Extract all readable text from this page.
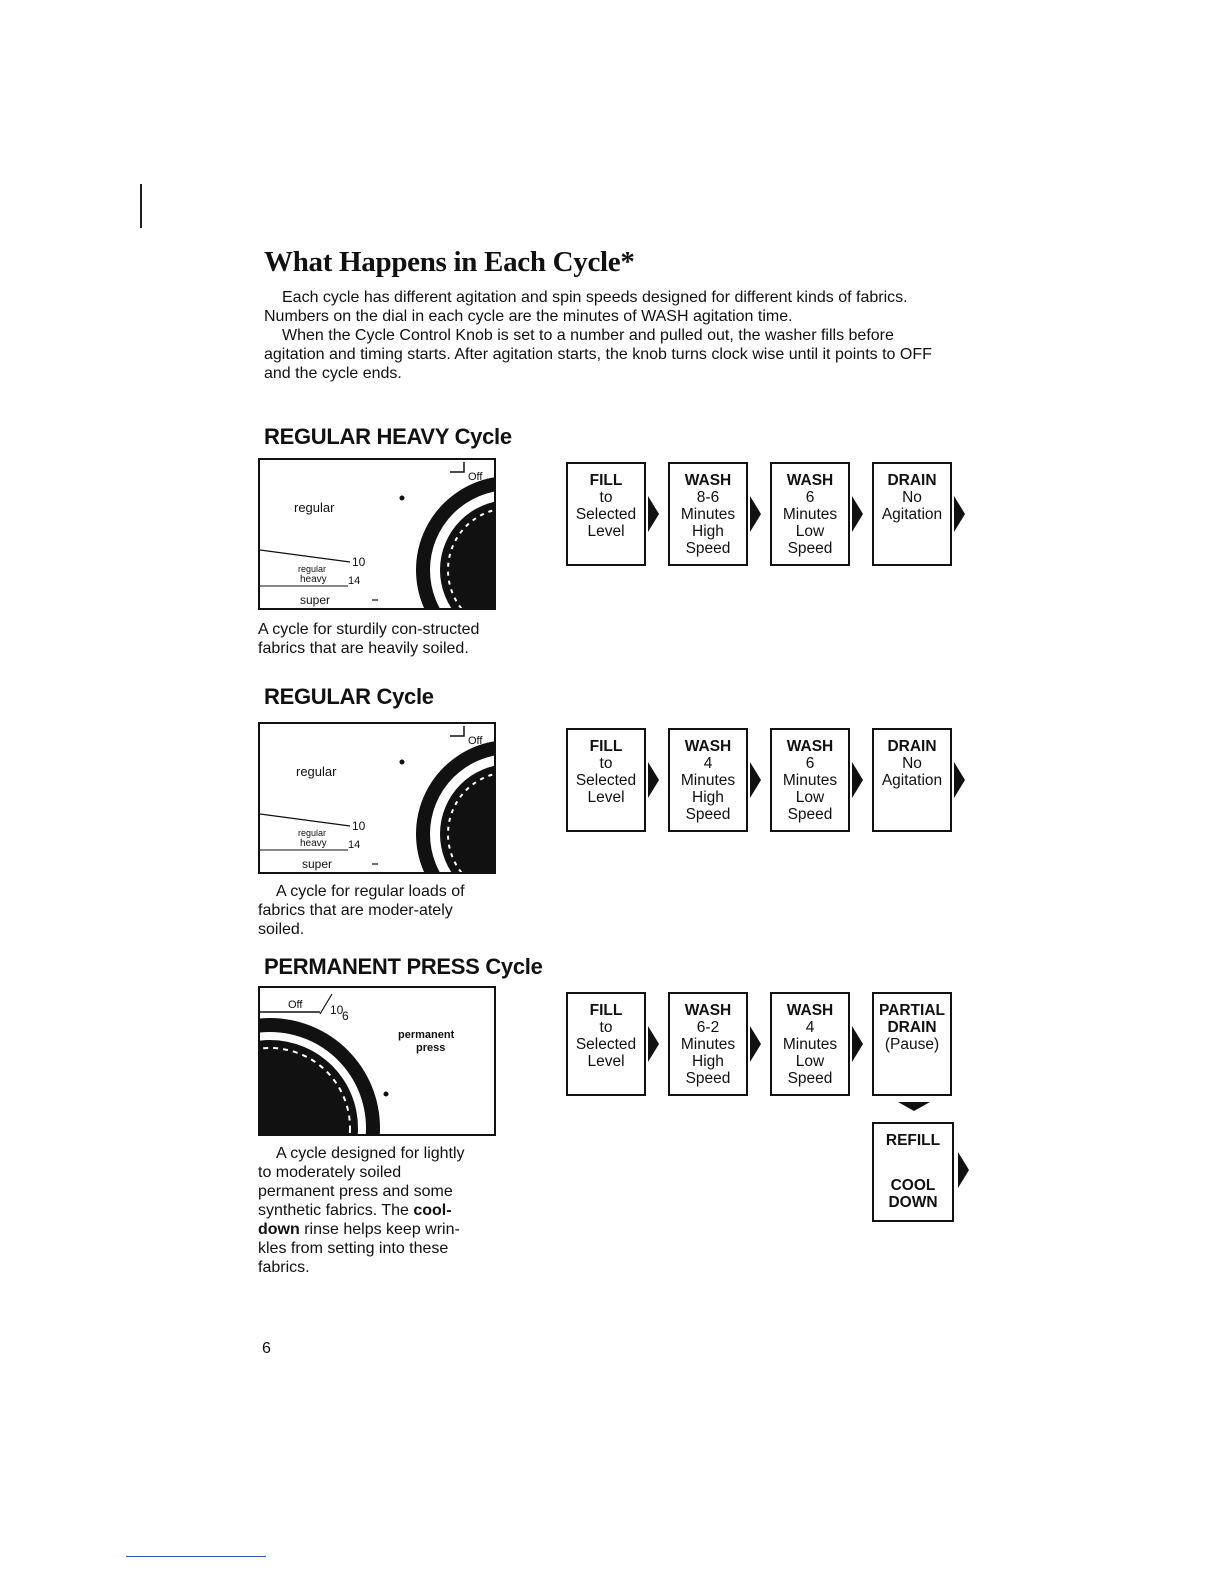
What Happens in Each Cycle*

Each cycle has different agitation and spin speeds designed for different kinds of fabrics. Numbers on the dial in each cycle are the minutes of WASH agitation time.

When the Cycle Control Knob is set to a number and pulled out, the washer fills before agitation and timing starts. After agitation starts, the knob turns clock wise until it points to OFF and the cycle ends.

REGULAR HEAVY Cycle
Off
regular
10
regular
heavy 14
super
A cycle for sturdily con-structed fabrics that are heavily soiled.
FILL
to
Selected
Level
WASH
8-6
Minutes
High
Speed
WASH
6
Minutes
Low
Speed
DRAIN
No
Agitation
REGULAR Cycle
Off
regular
10
regular
heavy 14
super
A cycle for regular loads of fabrics that are moder-ately soiled.
FILL
to
Selected
Level
WASH
4
Minutes
High
Speed
WASH
6
Minutes
Low
Speed
DRAIN
No
Agitation
PERMANENT PRESS Cycle
Off 10
6
permanent
press
A cycle designed for lightly to moderately soiled permanent press and some synthetic fabrics. The cool-down rinse helps keep wrin-kles from setting into these fabrics.
FILL
to
Selected
Level
WASH
6-2
Minutes
High
Speed
WASH
4
Minutes
Low
Speed
PARTIAL
DRAIN
(Pause)
REFILL
COOL
DOWN
6
